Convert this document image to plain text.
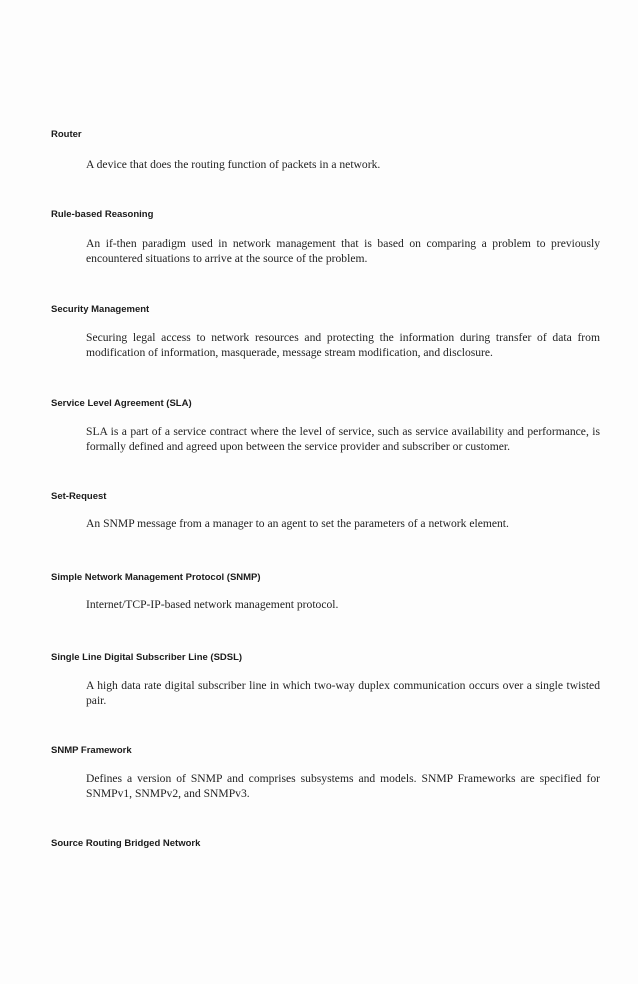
Router
A device that does the routing function of packets in a network.
Rule-based Reasoning
An if-then paradigm used in network management that is based on comparing a problem to previously encountered situations to arrive at the source of the problem.
Security Management
Securing legal access to network resources and protecting the information during transfer of data from modification of information, masquerade, message stream modification, and disclosure.
Service Level Agreement (SLA)
SLA is a part of a service contract where the level of service, such as service availability and performance, is formally defined and agreed upon between the service provider and subscriber or customer.
Set-Request
An SNMP message from a manager to an agent to set the parameters of a network element.
Simple Network Management Protocol (SNMP)
Internet/TCP-IP-based network management protocol.
Single Line Digital Subscriber Line (SDSL)
A high data rate digital subscriber line in which two-way duplex communication occurs over a single twisted pair.
SNMP Framework
Defines a version of SNMP and comprises subsystems and models. SNMP Frameworks are specified for SNMPv1, SNMPv2, and SNMPv3.
Source Routing Bridged Network
